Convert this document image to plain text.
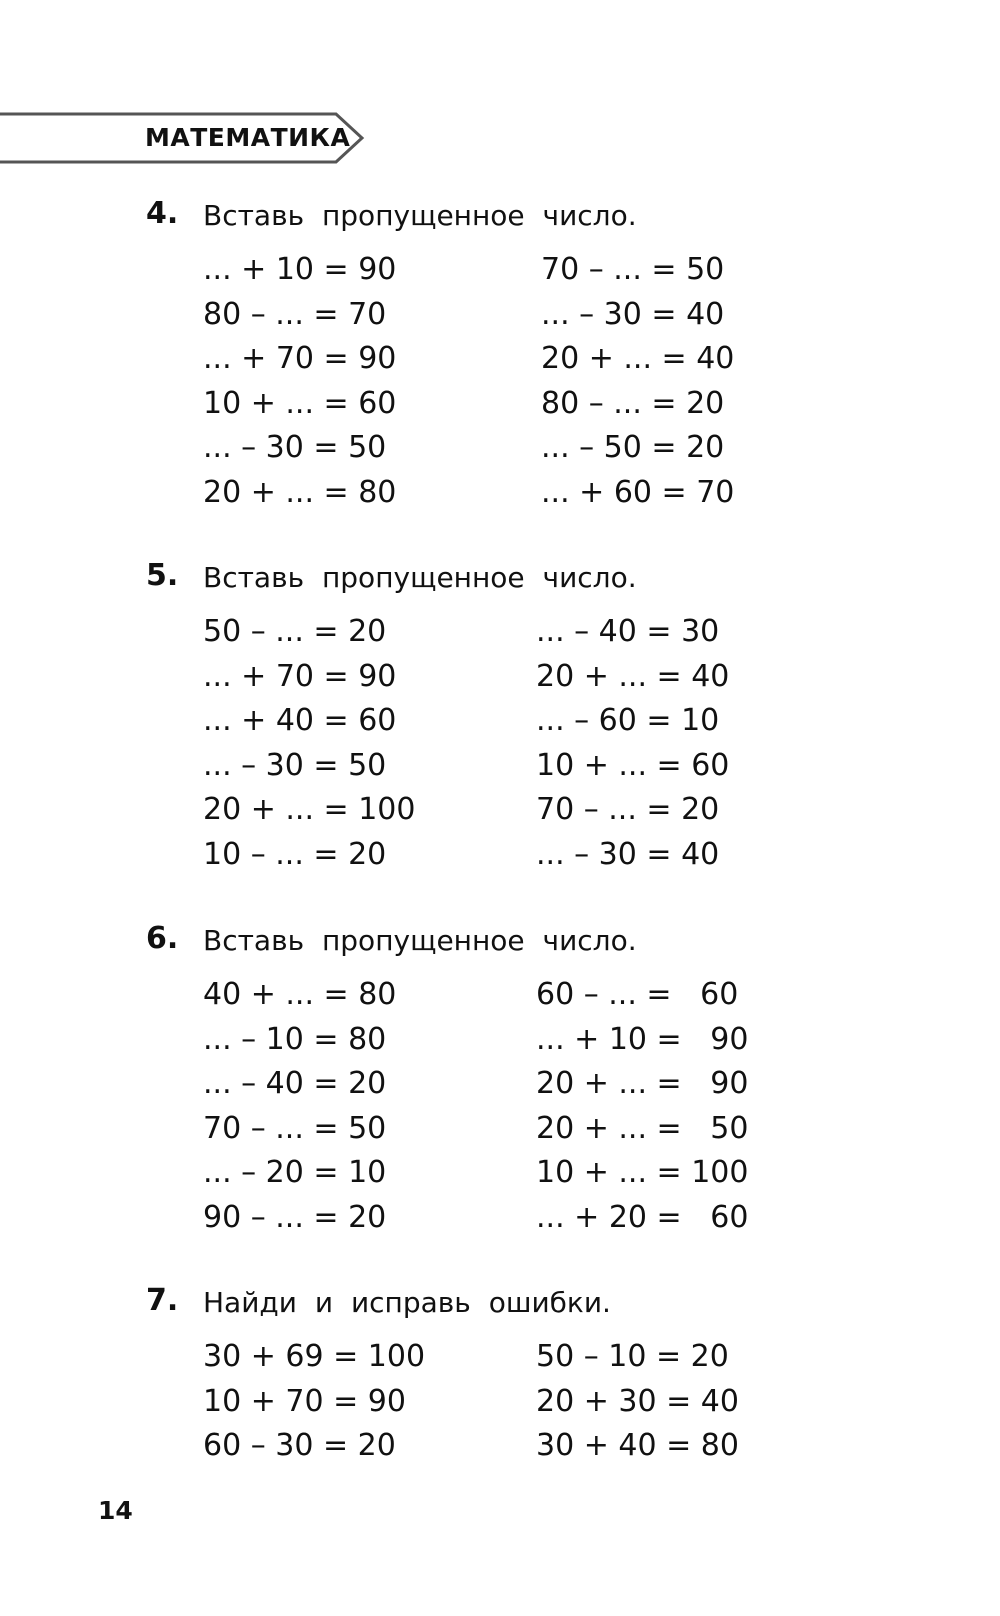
МАТЕМАТИКА
4. Вставь пропущенное число.
... + 10 = 90
80 – ... = 70
... + 70 = 90
10 + ... = 60
... – 30 = 50
20 + ... = 80
70 – ... = 50
... – 30 = 40
20 + ... = 40
80 – ... = 20
... – 50 = 20
... + 60 = 70
5. Вставь пропущенное число.
50 – ... = 20
... + 70 = 90
... + 40 = 60
... – 30 = 50
20 + ... = 100
10 – ... = 20
... – 40 = 30
20 + ... = 40
... – 60 = 10
10 + ... = 60
70 – ... = 20
... – 30 = 40
6. Вставь пропущенное число.
40 + ... = 80
... – 10 = 80
... – 40 = 20
70 – ... = 50
... – 20 = 10
90 – ... = 20
60 – ... =   60
... + 10 =   90
20 + ... =   90
20 + ... =   50
10 + ... = 100
... + 20 =   60
7. Найди и исправь ошибки.
30 + 69 = 100
10 + 70 = 90
60 – 30 = 20
50 – 10 = 20
20 + 30 = 40
30 + 40 = 80
14
